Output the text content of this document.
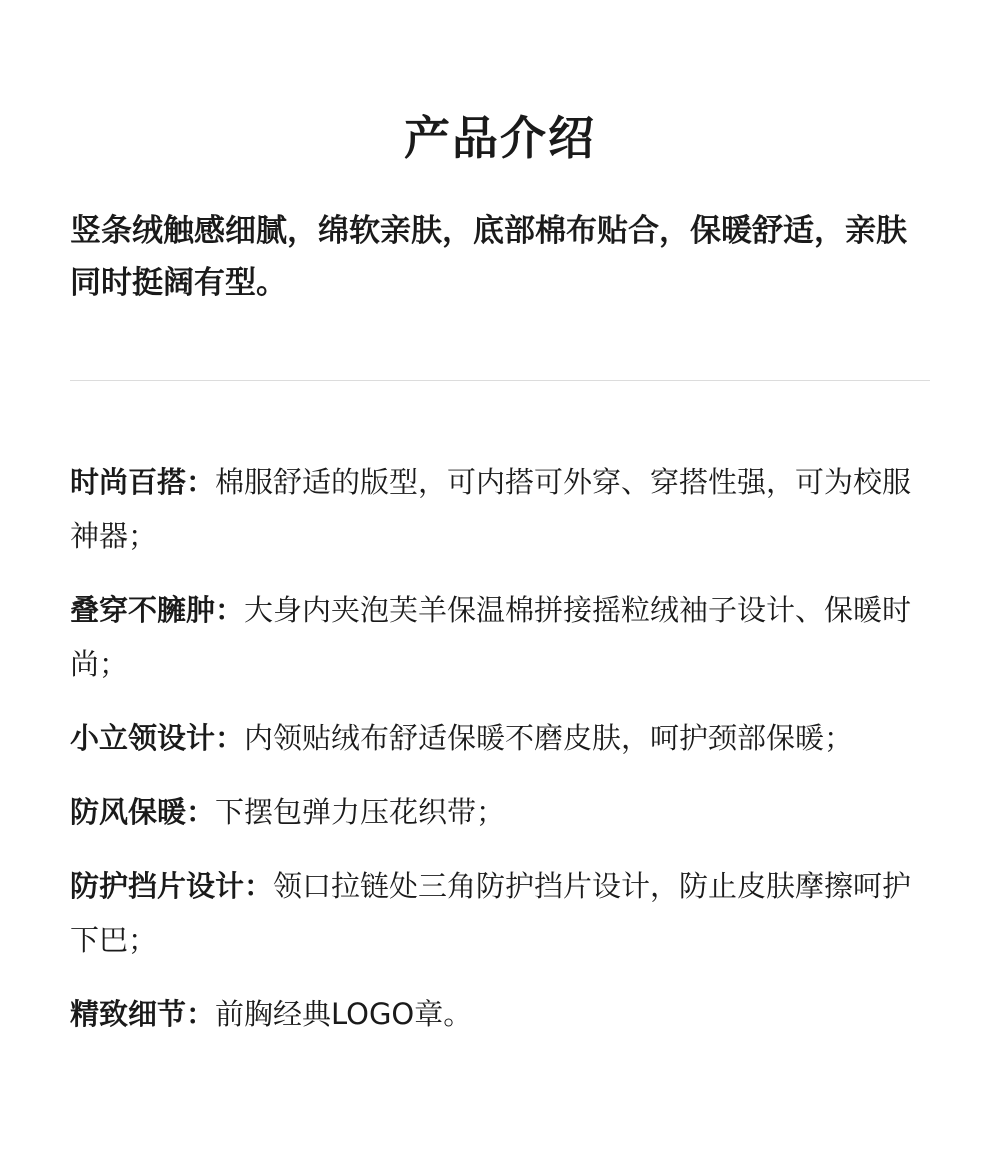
产品介绍

竖条绒触感细腻，绵软亲肤，底部棉布贴合，保暖舒适，亲肤同时挺阔有型。

时尚百搭：棉服舒适的版型，可内搭可外穿、穿搭性强，可为校服神器；
叠穿不臃肿：大身内夹泡芙羊保温棉拼接摇粒绒袖子设计、保暖时尚；
小立领设计：内领贴绒布舒适保暖不磨皮肤，呵护颈部保暖；
防风保暖：下摆包弹力压花织带；
防护挡片设计：领口拉链处三角防护挡片设计，防止皮肤摩擦呵护下巴；
精致细节：前胸经典LOGO章。
